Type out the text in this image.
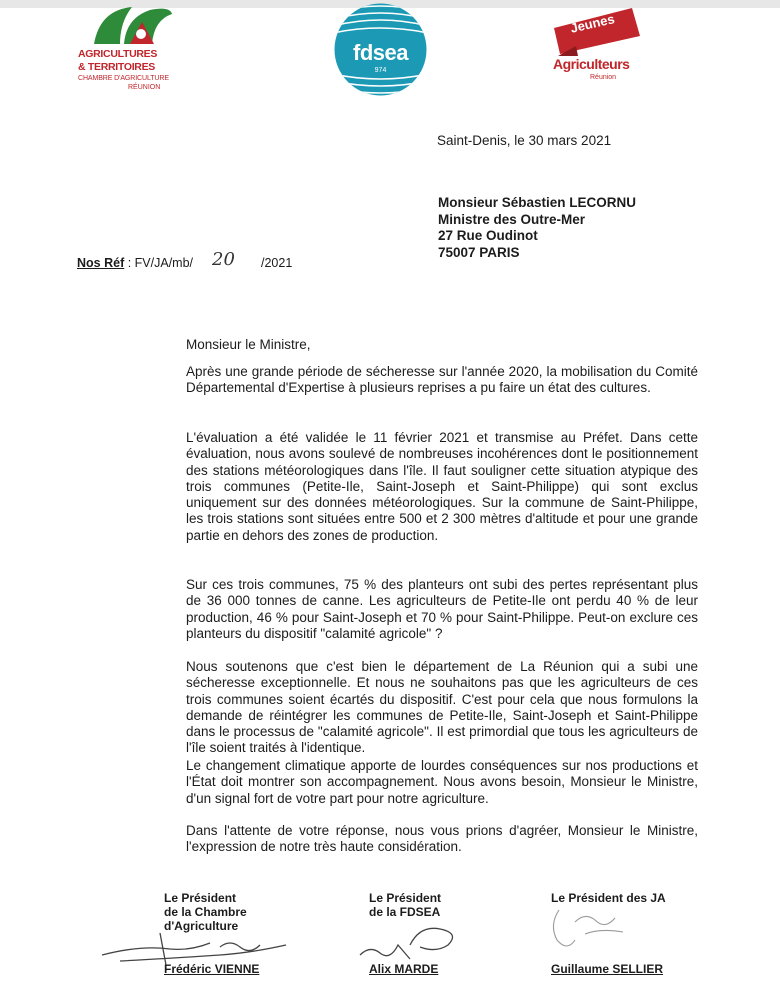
AGRICULTURES
& TERRITOIRES
CHAMBRE D'AGRICULTURE
RÉUNION
fdsea
974
Jeunes
Agriculteurs
Réunion
Saint-Denis, le 30 mars 2021
Monsieur Sébastien LECORNU
Ministre des Outre-Mer
27 Rue Oudinot
75007 PARIS
Nos Réf : FV/JA/mb/ 20 /2021
Monsieur le Ministre,

Après une grande période de sécheresse sur l'année 2020, la mobilisation du Comité Départemental d'Expertise à plusieurs reprises a pu faire un état des cultures.

L'évaluation a été validée le 11 février 2021 et transmise au Préfet. Dans cette évaluation, nous avons soulevé de nombreuses incohérences dont le positionnement des stations météorologiques dans l'île. Il faut souligner cette situation atypique des trois communes (Petite-Ile, Saint-Joseph et Saint-Philippe) qui sont exclus uniquement sur des données météorologiques. Sur la commune de Saint-Philippe, les trois stations sont situées entre 500 et 2 300 mètres d'altitude et pour une grande partie en dehors des zones de production.

Sur ces trois communes, 75 % des planteurs ont subi des pertes représentant plus de 36 000 tonnes de canne. Les agriculteurs de Petite-Ile ont perdu 40 % de leur production, 46 % pour Saint-Joseph et 70 % pour Saint-Philippe. Peut-on exclure ces planteurs du dispositif "calamité agricole" ?

Nous soutenons que c'est bien le département de La Réunion qui a subi une sécheresse exceptionnelle. Et nous ne souhaitons pas que les agriculteurs de ces trois communes soient écartés du dispositif. C'est pour cela que nous formulons la demande de réintégrer les communes de Petite-Ile, Saint-Joseph et Saint-Philippe dans le processus de "calamité agricole". Il est primordial que tous les agriculteurs de l'île soient traités à l'identique.

Le changement climatique apporte de lourdes conséquences sur nos productions et l'État doit montrer son accompagnement. Nous avons besoin, Monsieur le Ministre, d'un signal fort de votre part pour notre agriculture.

Dans l'attente de votre réponse, nous vous prions d'agréer, Monsieur le Ministre, l'expression de notre très haute considération.

Le Président
de la Chambre
d'Agriculture
Frédéric VIENNE
Le Président
de la FDSEA
Alix MARDE
Le Président des JA
Guillaume SELLIER
